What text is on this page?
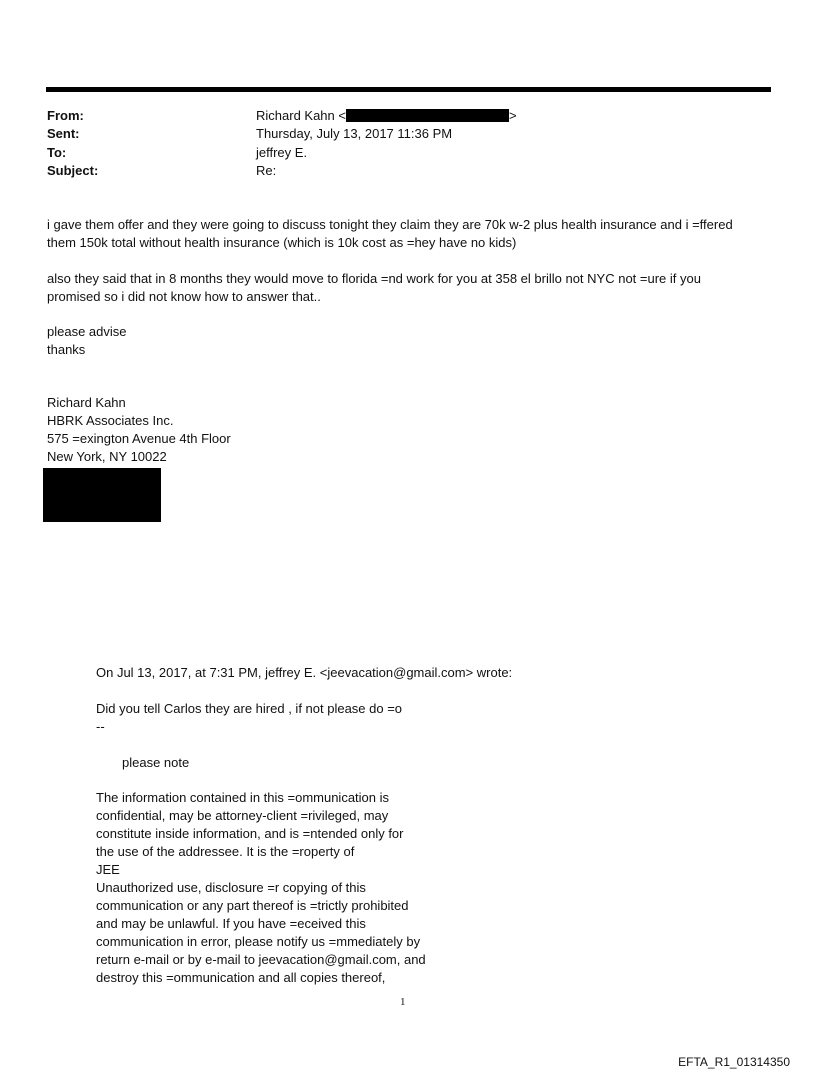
From:	Richard Kahn <	>
Sent:	Thursday, July 13, 2017 11:36 PM
To:	jeffrey E.
Subject:	Re:
i gave them offer and they were going to discuss tonight they claim they are 70k w-2 plus health insurance and i =ffered
them 150k total without health insurance (which is 10k cost as =hey have no kids)
also they said that in 8 months they would move to florida =nd work for you at 358 el brillo not NYC not =ure if you
promised so i did not know how to answer that..
please advise
thanks
Richard Kahn
HBRK Associates Inc.
575 =exington Avenue 4th Floor
New York, NY 10022
On Jul 13, 2017, at 7:31 PM, jeffrey E. <jeevacation@gmail.com> wrote:
Did you tell Carlos they are hired , if not please do =o
--
please note
The information contained in this =ommunication is
confidential, may be attorney-client =rivileged, may
constitute inside information, and is =ntended only for
the use of the addressee. It is the =roperty of
JEE
Unauthorized use, disclosure =r copying of this
communication or any part thereof is =trictly prohibited
and may be unlawful. If you have =eceived this
communication in error, please notify us =mmediately by
return e-mail or by e-mail to jeevacation@gmail.com, and
destroy this =ommunication and all copies thereof,
1
EFTA_R1_01314350
